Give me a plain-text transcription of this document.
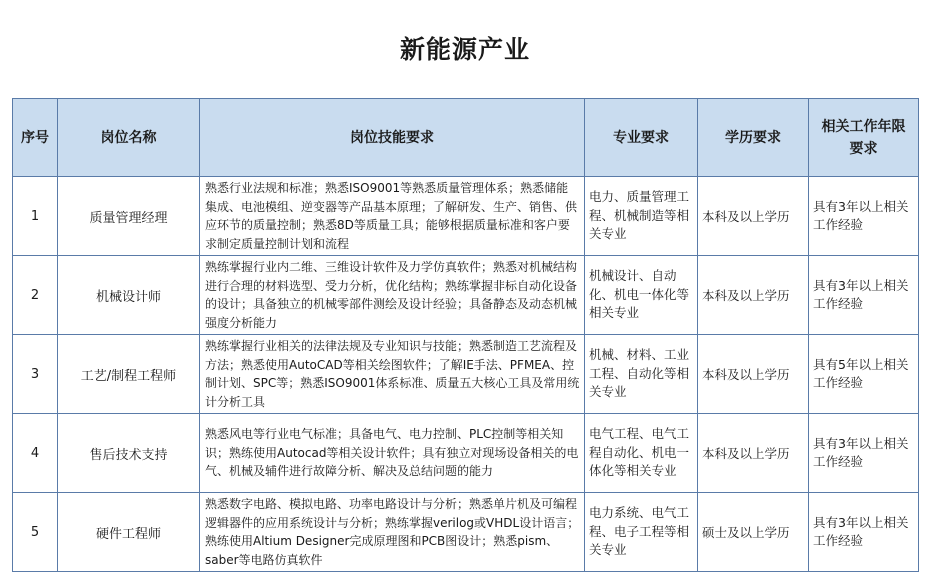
新能源产业
序号	岗位名称	岗位技能要求	专业要求	学历要求	相关工作年限要求
1	质量管理经理	熟悉行业法规和标准；熟悉ISO9001等熟悉质量管理体系；熟悉储能集成、电池模组、逆变器等产品基本原理；了解研发、生产、销售、供应环节的质量控制；熟悉8D等质量工具；能够根据质量标准和客户要求制定质量控制计划和流程	电力、质量管理工程、机械制造等相关专业	本科及以上学历	具有3年以上相关工作经验
2	机械设计师	熟练掌握行业内二维、三维设计软件及力学仿真软件；熟悉对机械结构进行合理的材料选型、受力分析，优化结构；熟练掌握非标自动化设备的设计；具备独立的机械零部件测绘及设计经验；具备静态及动态机械强度分析能力	机械设计、自动化、机电一体化等相关专业	本科及以上学历	具有3年以上相关工作经验
3	工艺/制程工程师	熟练掌握行业相关的法律法规及专业知识与技能；熟悉制造工艺流程及方法；熟悉使用AutoCAD等相关绘图软件；了解IE手法、PFMEA、控制计划、SPC等；熟悉ISO9001体系标准、质量五大核心工具及常用统计分析工具	机械、材料、工业工程、自动化等相关专业	本科及以上学历	具有5年以上相关工作经验
4	售后技术支持	熟悉风电等行业电气标准；具备电气、电力控制、PLC控制等相关知识；熟练使用Autocad等相关设计软件；具有独立对现场设备相关的电气、机械及辅件进行故障分析、解决及总结问题的能力	电气工程、电气工程自动化、机电一体化等相关专业	本科及以上学历	具有3年以上相关工作经验
5	硬件工程师	熟悉数字电路、模拟电路、功率电路设计与分析；熟悉单片机及可编程逻辑器件的应用系统设计与分析；熟练掌握verilog或VHDL设计语言；熟练使用Altium Designer完成原理图和PCB图设计；熟悉pism、saber等电路仿真软件	电力系统、电气工程、电子工程等相关专业	硕士及以上学历	具有3年以上相关工作经验
